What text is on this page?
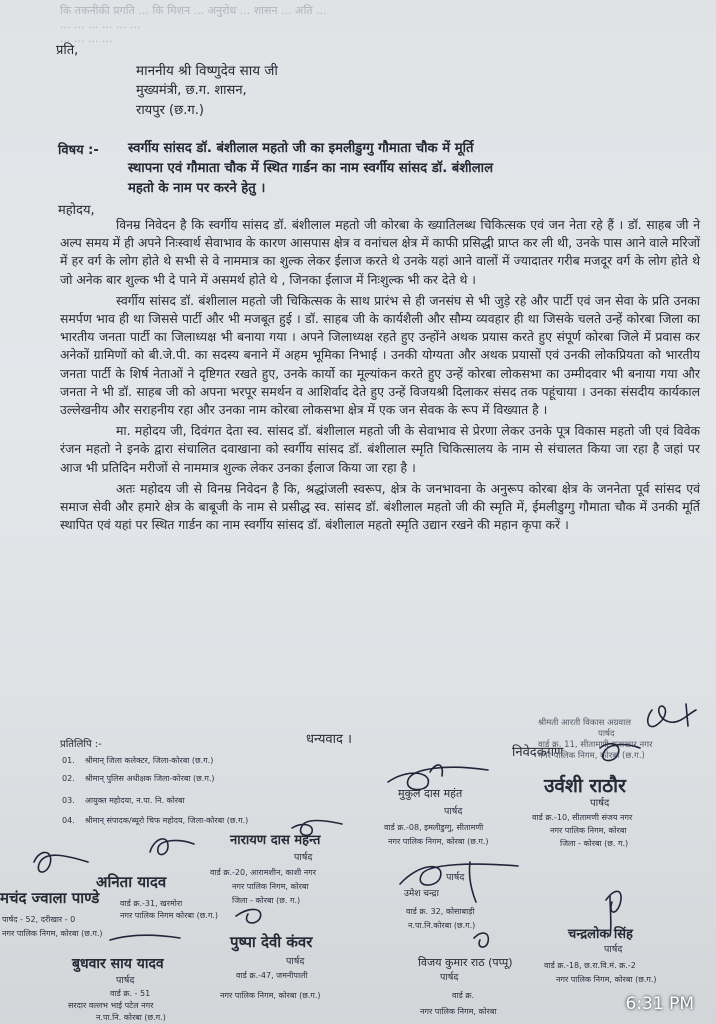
कि तकनीकी प्रगति ... कि मिशन ... अनुरोध ... शासन ... अति ...
... ... ... ... ... ...
... ... ... ...
प्रति,
माननीय श्री विष्णुदेव साय जी
मुख्यमंत्री, छ.ग. शासन,
रायपुर (छ.ग.)
विषय :- स्वर्गीय सांसद डॉ. बंशीलाल महतो जी का इमलीडुग्गु गौमाता चौक में मूर्ति
स्थापना एवं गौमाता चौक में स्थित गार्डन का नाम स्वर्गीय सांसद डॉ. बंशीलाल
महतो के नाम पर करने हेतु ।
महोदय,

विनम्र निवेदन है कि स्वर्गीय सांसद डॉ. बंशीलाल महतो जी कोरबा के ख्यातिलब्ध चिकित्सक एवं जन नेता रहे हैं । डॉ. साहब जी ने अल्प समय में ही अपने निःस्वार्थ सेवाभाव के कारण आसपास क्षेत्र व वनांचल क्षेत्र में काफी प्रसिद्धी प्राप्त कर ली थी, उनके पास आने वाले मरिजों में हर वर्ग के लोग होते थे सभी से वे नाममात्र का शुल्क लेकर ईलाज करते थे उनके यहां आने वालों में ज्यादातर गरीब मजदूर वर्ग के लोग होते थे जो अनेक बार शुल्क भी दे पाने में असमर्थ होते थे , जिनका ईलाज में निःशुल्क भी कर देते थे ।

स्वर्गीय सांसद डॉ. बंशीलाल महतो जी चिकित्सक के साथ प्रारंभ से ही जनसंघ से भी जुड़े रहे और पार्टी एवं जन सेवा के प्रति उनका समर्पण भाव ही था जिससे पार्टी और भी मजबूत हुई । डॉ. साहब जी के कार्यशैली और सौम्य व्यवहार ही था जिसके चलते उन्हें कोरबा जिला का भारतीय जनता पार्टी का जिलाध्यक्ष भी बनाया गया । अपने जिलाध्यक्ष रहते हुए उन्होंने अथक प्रयास करते हुए संपूर्ण कोरबा जिले में प्रवास कर अनेकों ग्रामिणों को बी.जे.पी. का सदस्य बनाने में अहम भूमिका निभाई । उनकी योग्यता और अथक प्रयासों एवं उनकी लोकप्रियता को भारतीय जनता पार्टी के शिर्ष नेताओं ने दृष्टिगत रखते हुए, उनके कार्यो का मूल्यांकन करते हुए उन्हें कोरबा लोकसभा का उम्मीदवार भी बनाया गया और जनता ने भी डॉ. साहब जी को अपना भरपूर समर्थन व आशिर्वाद देते हुए उन्हें विजयश्री दिलाकर संसद तक पहूंचाया । उनका संसदीय कार्यकाल उल्लेखनीय और सराहनीय रहा और उनका नाम कोरबा लोकसभा क्षेत्र में एक जन सेवक के रूप में विख्यात है ।

मा. महोदय जी, दिवंगत देता स्व. सांसद डॉ. बंशीलाल महतो जी के सेवाभाव से प्रेरणा लेकर उनके पूत्र विकास महतो जी एवं विवेक रंजन महतो ने इनके द्वारा संचालित दवाखाना को स्वर्गीय सांसद डॉ. बंशीलाल स्मृति चिकित्सालय के नाम से संचालत किया जा रहा है जहां पर आज भी प्रतिदिन मरीजों से नाममात्र शुल्क लेकर उनका ईलाज किया जा रहा है ।

अतः महोदय जी से विनम्र निवेदन है कि, श्रद्धांजली स्वरूप, क्षेत्र के जनभावना के अनुरूप कोरबा क्षेत्र के जननेता पूर्व सांसद एवं समाज सेवी और हमारे क्षेत्र के बाबूजी के नाम से प्रसीद्ध स्व. सांसद डॉ. बंशीलाल महतो जी की स्मृति में, ईमलीडुग्गु गौमाता चौक में उनकी मूर्ति स्थापित एवं यहां पर स्थित गार्डन का नाम स्वर्गीय सांसद डॉ. बंशीलाल महतो स्मृति उद्यान रखने की महान कृपा करें ।

धन्यवाद ।
निवेदकगण
प्रतिलिपि :-
01. श्रीमान् जिला कलेक्टर, जिला-कोरबा (छ.ग.)
02. श्रीमान् पुलिस अधीक्षक जिला-कोरबा (छ.ग.)
03. आयुक्त महोदया, न.पा. नि. कोरबा
04. श्रीमान् संपादक/ब्यूरो चिफ महोदय, जिला-कोरबा (छ.ग.)
श्रीमती आरती विकास अग्रवाल
पार्षद
वार्ड क्र. 11, सीतामणी राताखार नगर
नगर पालिक निगम, कोरबा (छ.ग.)
उर्वशी राठौर
पार्षद
वार्ड क्र.-10, सीतामणी संजय नगर
नगर पालिक निगम, कोरबा
जिला - कोरबा (छ. ग.)
मुकुल दास महंत
पार्षद
वार्ड क्र.-08, इमलीडुग्गु, सीतामणी
नगर पालिक निगम, कोरबा (छ.ग.)
नारायण दास महन्त
पार्षद
वार्ड क्र.-20, आरामशीन, काशी नगर
नगर पालिक निगम, कोरबा
जिला - कोरबा (छ. ग.)
अनिता यादव
वार्ड क्र.-31, खरमोरा
नगर पालिक निगम कोरबा (छ.ग.)
मचंद ज्वाला पाण्डे
पार्षद - 52, दरीखार - 0
नगर पालिक निगम, कोरबा (छ.ग.)
उमेश चन्द्रा
पार्षद
वार्ड क्र. 32, कोसाबाड़ी
न.पा.नि.कोरबा (छ.ग.)
पुष्पा देवी कंवर
पार्षद
वार्ड क्र.-47, जमनीपाली
नगर पालिक निगम, कोरबा (छ.ग.)
बुधवार साय यादव
पार्षद
वार्ड क्र. - 51
सरदार वल्लभ भाई पटेल नगर
न.पा.नि. कोरबा (छ.ग.)
विजय कुमार राठ (पप्पू)
पार्षद
वार्ड क्र.
नगर पालिक निगम, कोरबा
चन्द्रलोक सिंह
पार्षद
वार्ड क्र.-18, छ.रा.वि.मं. क्र.-2
नगर पालिक निगम, कोरबा (छ.ग.)
6:31 PM
